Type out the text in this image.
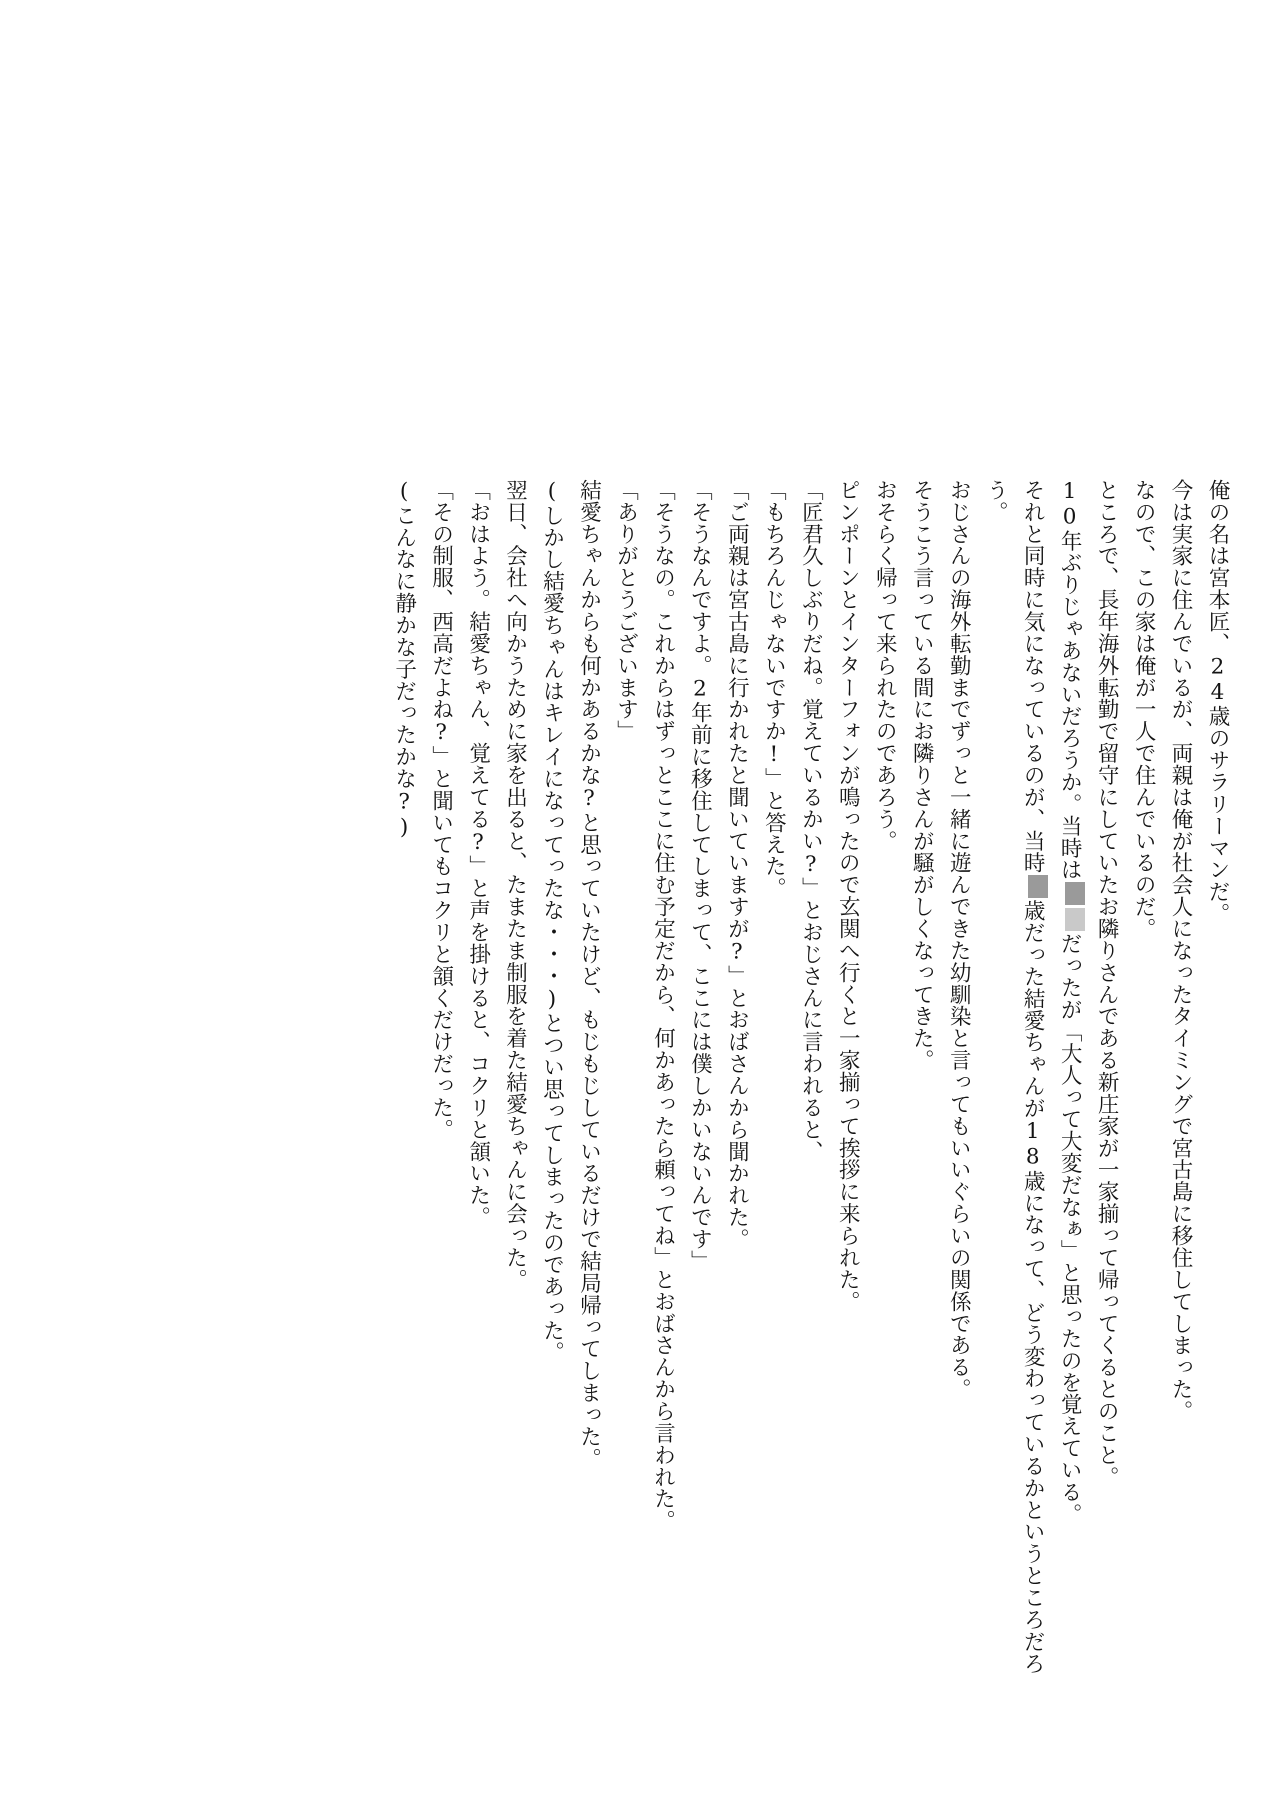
俺の名は宮本匠、24歳のサラリーマンだ。

今は実家に住んでいるが、両親は俺が社会人になったタイミングで宮古島に移住してしまった。

なので、この家は俺が一人で住んでいるのだ。

ところで、長年海外転勤で留守にしていたお隣りさんである新庄家が一家揃って帰ってくるとのこと。

10年ぶりじゃあないだろうか。当時はだったが「大人って大変だなぁ」と思ったのを覚えている。

それと同時に気になっているのが、当時歳だった結愛ちゃんが18歳になって、どう変わっているかというところだろう。

おじさんの海外転勤までずっと一緒に遊んできた幼馴染と言ってもいいぐらいの関係である。

そうこう言っている間にお隣りさんが騒がしくなってきた。

おそらく帰って来られたのであろう。

ピンポーンとインターフォンが鳴ったので玄関へ行くと一家揃って挨拶に来られた。

「匠君久しぶりだね。覚えているかい?」とおじさんに言われると、

「もちろんじゃないですか!」と答えた。

「ご両親は宮古島に行かれたと聞いていますが?」とおばさんから聞かれた。

「そうなんですよ。2年前に移住してしまって、ここには僕しかいないんです」

「そうなの。これからはずっとここに住む予定だから、何かあったら頼ってね」とおばさんから言われた。

「ありがとうございます」

結愛ちゃんからも何かあるかな?と思っていたけど、もじもじしているだけで結局帰ってしまった。

(しかし結愛ちゃんはキレイになってったな・・・)とつい思ってしまったのであった。

翌日、会社へ向かうために家を出ると、たまたま制服を着た結愛ちゃんに会った。

「おはよう。結愛ちゃん、覚えてる?」と声を掛けると、コクリと頷いた。

「その制服、西高だよね?」と聞いてもコクリと頷くだけだった。

(こんなに静かな子だったかな?)
